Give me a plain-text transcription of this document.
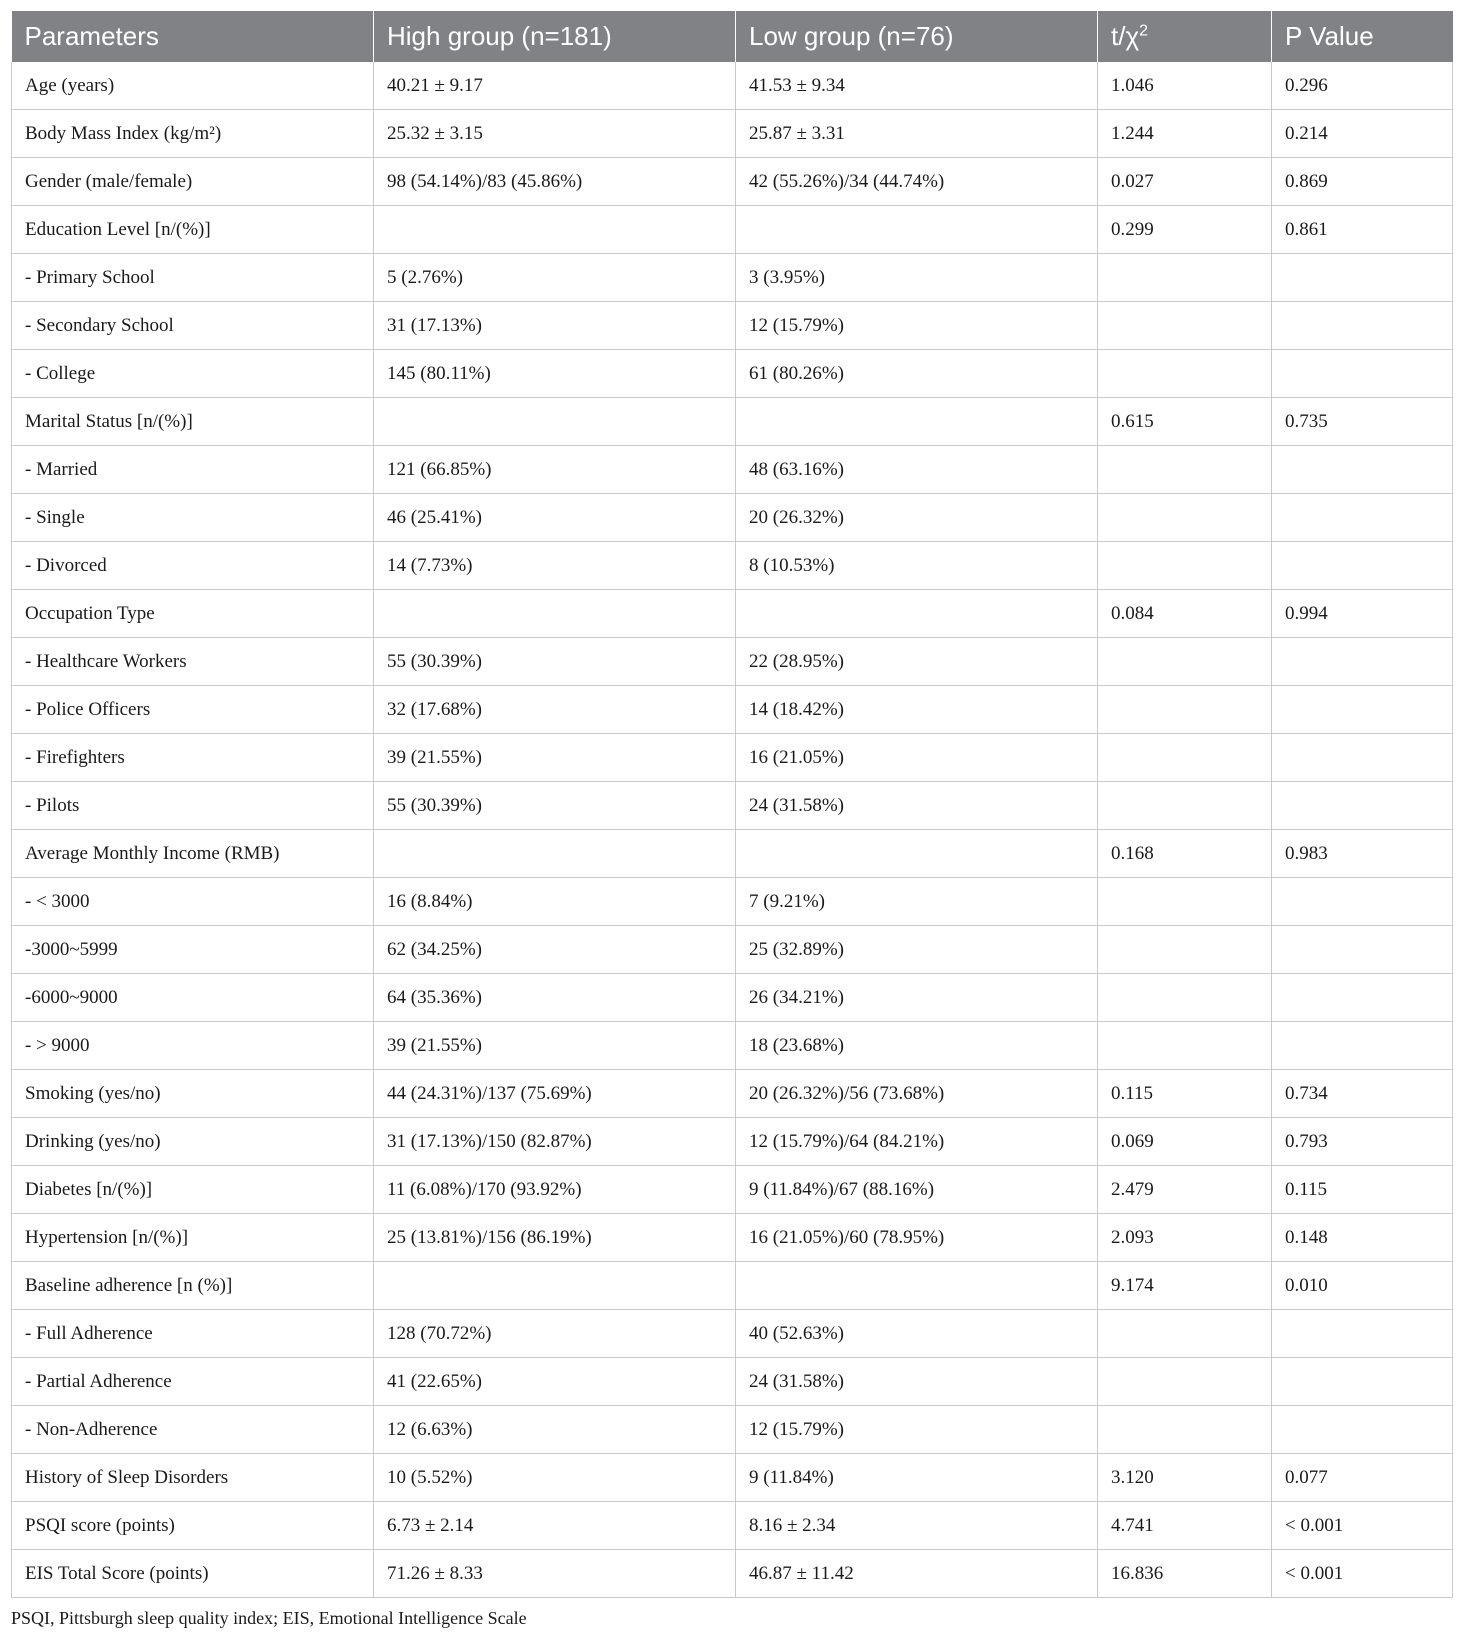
Parameters	High group (n=181)	Low group (n=76)	$t/\chi^2$	P Value
Age (years)	40.21 ± 9.17	41.53 ± 9.34	1.046	0.296
Body Mass Index (kg/m²)	25.32 ± 3.15	25.87 ± 3.31	1.244	0.214
Gender (male/female)	98 (54.14%)/83 (45.86%)	42 (55.26%)/34 (44.74%)	0.027	0.869
Education Level [n/(%)]			0.299	0.861
- Primary School	5 (2.76%)	3 (3.95%)		
- Secondary School	31 (17.13%)	12 (15.79%)		
- College	145 (80.11%)	61 (80.26%)		
Marital Status [n/(%)]			0.615	0.735
- Married	121 (66.85%)	48 (63.16%)		
- Single	46 (25.41%)	20 (26.32%)		
- Divorced	14 (7.73%)	8 (10.53%)		
Occupation Type			0.084	0.994
- Healthcare Workers	55 (30.39%)	22 (28.95%)		
- Police Officers	32 (17.68%)	14 (18.42%)		
- Firefighters	39 (21.55%)	16 (21.05%)		
- Pilots	55 (30.39%)	24 (31.58%)		
Average Monthly Income (RMB)			0.168	0.983
- < 3000	16 (8.84%)	7 (9.21%)		
-3000~5999	62 (34.25%)	25 (32.89%)		
-6000~9000	64 (35.36%)	26 (34.21%)		
- > 9000	39 (21.55%)	18 (23.68%)		
Smoking (yes/no)	44 (24.31%)/137 (75.69%)	20 (26.32%)/56 (73.68%)	0.115	0.734
Drinking (yes/no)	31 (17.13%)/150 (82.87%)	12 (15.79%)/64 (84.21%)	0.069	0.793
Diabetes [n/(%)]	11 (6.08%)/170 (93.92%)	9 (11.84%)/67 (88.16%)	2.479	0.115
Hypertension [n/(%)]	25 (13.81%)/156 (86.19%)	16 (21.05%)/60 (78.95%)	2.093	0.148
Baseline adherence [n (%)]			9.174	0.010
- Full Adherence	128 (70.72%)	40 (52.63%)		
- Partial Adherence	41 (22.65%)	24 (31.58%)		
- Non-Adherence	12 (6.63%)	12 (15.79%)		
History of Sleep Disorders	10 (5.52%)	9 (11.84%)	3.120	0.077
PSQI score (points)	6.73 ± 2.14	8.16 ± 2.34	4.741	< 0.001
EIS Total Score (points)	71.26 ± 8.33	46.87 ± 11.42	16.836	< 0.001
PSQI, Pittsburgh sleep quality index; EIS, Emotional Intelligence Scale
